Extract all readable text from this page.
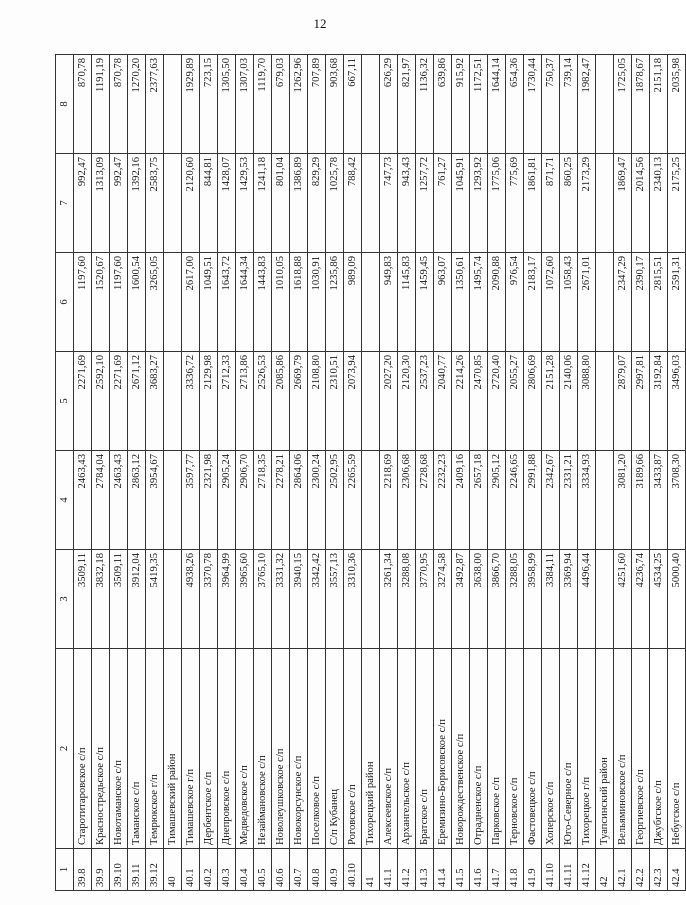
12
1	2	3	4	5	6	7	8
39.8	Старотитаровское с/п	3509,11	2463,43	2271,69	1197,60	992,47	870,78
39.9	Красностредьское с/п	3832,18	2784,04	2592,10	1520,67	1313,09	1191,19
39.10	Новотаманское с/п	3509,11	2463,43	2271,69	1197,60	992,47	870,78
39.11	Таманское с/п	3912,04	2863,12	2671,12	1600,54	1392,16	1270,20
39.12	Темрюкское г/п	5419,35	3954,67	3683,27	3265,05	2583,75	2377,63
40	Тимашевский район						
40.1	Тимашевское г/п	4938,26	3597,77	3336,72	2617,00	2120,60	1929,89
40.2	Дербентское с/п	3370,78	2321,98	2129,98	1049,51	844,81	723,15
40.3	Днепровское с/п	3964,99	2905,24	2712,33	1643,72	1428,07	1305,50
40.4	Медведовское с/п	3965,60	2906,70	2713,86	1644,34	1429,53	1307,03
40.5	Незаймановское с/п	3765,10	2718,35	2526,53	1443,83	1241,18	1119,70
40.6	Новолеушковское с/п	3331,32	2278,21	2085,86	1010,05	801,04	679,03
40.7	Новокорсунское с/п	3940,15	2864,06	2669,79	1618,88	1386,89	1262,96
40.8	Поселковое с/п	3342,42	2300,24	2108,80	1030,91	829,29	707,89
40.9	С/п Кубанец	3557,13	2502,95	2310,51	1235,86	1025,78	903,68
40.10	Роговское с/п	3310,36	2265,59	2073,94	989,09	788,42	667,11
41	Тихорецкий район						
41.1	Алексеевское с/п	3261,34	2218,69	2027,20	949,83	747,73	626,29
41.2	Архангельское с/п	3288,08	2306,68	2120,30	1145,83	943,43	821,97
41.3	Братское с/п	3770,95	2728,68	2537,23	1459,45	1257,72	1136,32
41.4	Еремизино-Борисовское с/п	3274,58	2232,23	2040,77	963,07	761,27	639,86
41.5	Новорождественское с/п	3492,87	2409,16	2214,26	1350,61	1045,91	915,92
41.6	Отрадненское с/п	3638,00	2657,18	2470,85	1495,74	1293,92	1172,51
41.7	Парковское с/п	3866,70	2905,12	2720,40	2090,88	1775,06	1644,14
41.8	Терновское с/п	3288,05	2246,65	2055,27	976,54	775,69	654,36
41.9	Фастовецкое с/п	3958,99	2991,88	2806,69	2183,17	1861,81	1730,44
41.10	Хоперское с/п	3384,11	2342,67	2151,28	1072,60	871,71	750,37
41.11	Юго-Северное с/п	3369,94	2331,21	2140,06	1058,43	860,25	739,14
41.12	Тихорецкое г/п	4496,44	3334,93	3088,80	2671,01	2173,29	1982,47
42	Туапсинский район						
42.1	Вельяминовское с/п	4251,60	3081,20	2879,07	2347,29	1869,47	1725,05
42.2	Георгиевское с/п	4236,74	3189,66	2997,81	2390,17	2014,56	1878,67
42.3	Джубгское с/п	4534,25	3433,87	3192,84	2815,51	2340,13	2151,18
42.4	Небугское с/п	5000,40	3708,30	3496,03	2591,31	2175,25	2035,98
